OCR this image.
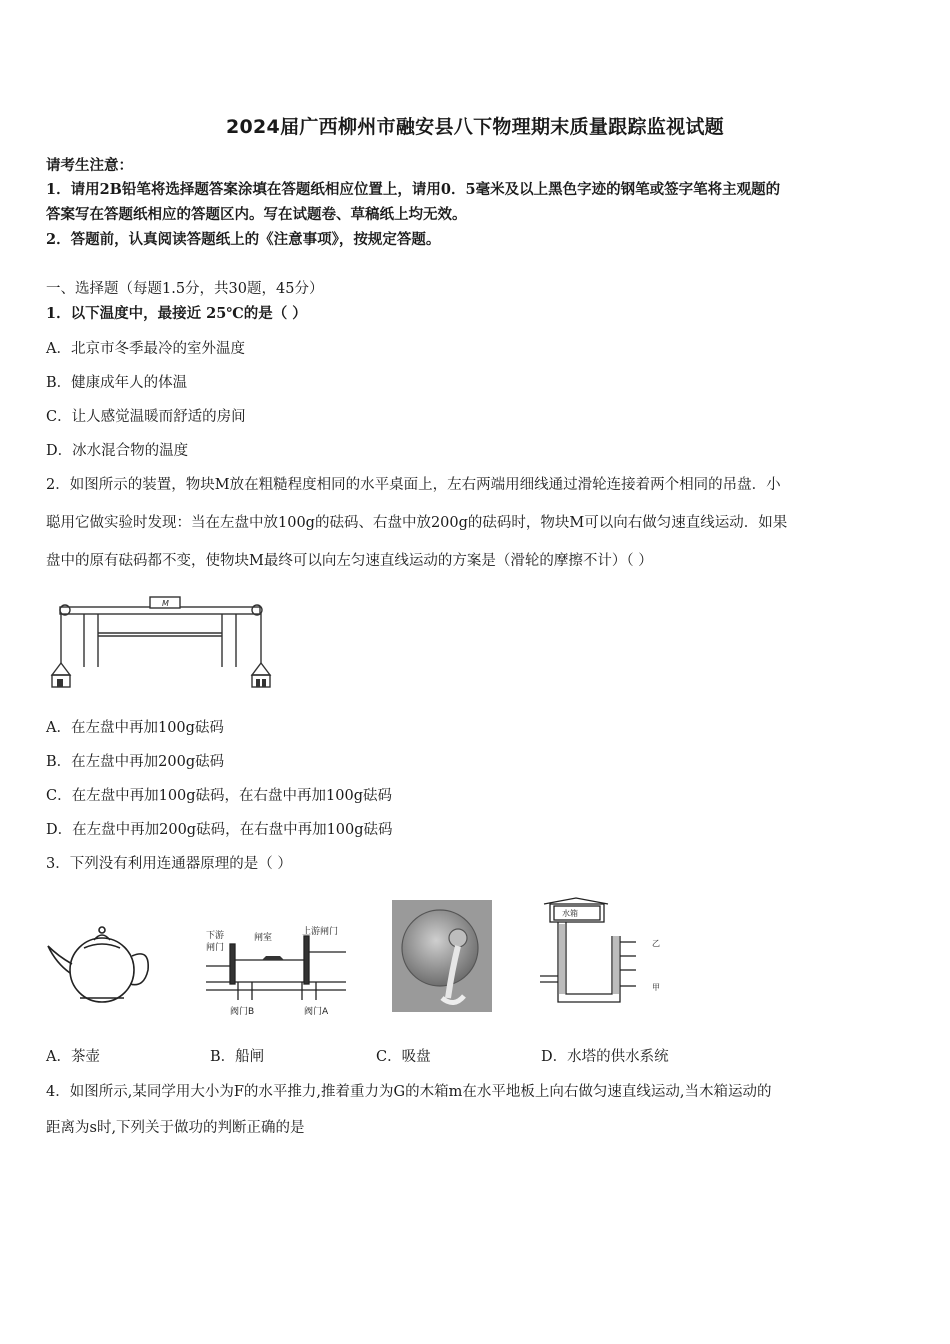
2024届广西柳州市融安县八下物理期末质量跟踪监视试题
请考生注意：
1．请用2B铅笔将选择题答案涂填在答题纸相应位置上，请用0．5毫米及以上黑色字迹的钢笔或签字笔将主观题的
答案写在答题纸相应的答题区内。写在试题卷、草稿纸上均无效。
2．答题前，认真阅读答题纸上的《注意事项》，按规定答题。
一、选择题（每题1.5分，共30题，45分）
1．以下温度中，最接近 25℃的是（ ）
A．北京市冬季最冷的室外温度
B．健康成年人的体温
C．让人感觉温暖而舒适的房间
D．冰水混合物的温度
2．如图所示的装置，物块M放在粗糙程度相同的水平桌面上，左右两端用细线通过滑轮连接着两个相同的吊盘．小
聪用它做实验时发现：当在左盘中放100g的砝码、右盘中放200g的砝码时，物块M可以向右做匀速直线运动．如果
盘中的原有砝码都不变，使物块M最终可以向左匀速直线运动的方案是（滑轮的摩擦不计）（ ）
M
A．在左盘中再加100g砝码
B．在左盘中再加200g砝码
C．在左盘中再加100g砝码，在右盘中再加100g砝码
D．在左盘中再加200g砝码，在右盘中再加100g砝码
3．下列没有利用连通器原理的是（ ）
下游
闸门
闸室
上游闸门
阀门B	阀门A
水箱
乙
甲
A．茶壶	B．船闸	C．吸盘	D．水塔的供水系统
4．如图所示,某同学用大小为F的水平推力,推着重力为G的木箱m在水平地板上向右做匀速直线运动,当木箱运动的
距离为s时,下列关于做功的判断正确的是
